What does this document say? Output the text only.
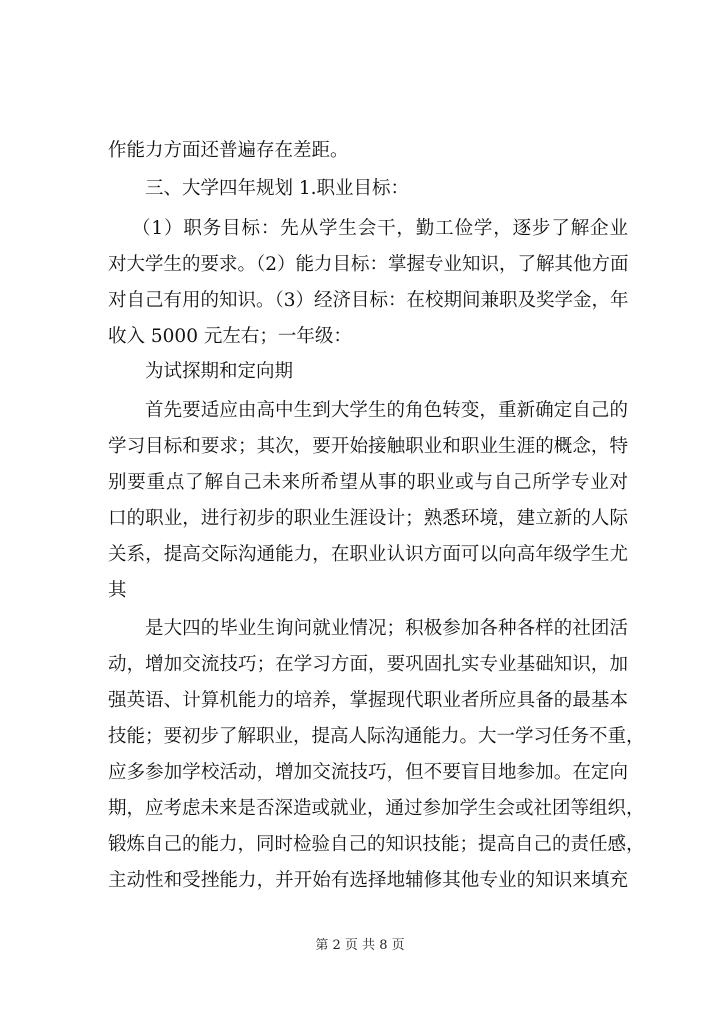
作能力方面还普遍存在差距。
三、大学四年规划 1.职业目标：
（1）职务目标：先从学生会干，勤工俭学，逐步了解企业
对大学生的要求。（2）能力目标：掌握专业知识，了解其他方面
对自己有用的知识。（3）经济目标：在校期间兼职及奖学金，年
收入 5000 元左右；一年级：
为试探期和定向期
首先要适应由高中生到大学生的角色转变，重新确定自己的
学习目标和要求；其次，要开始接触职业和职业生涯的概念，特
别要重点了解自己未来所希望从事的职业或与自己所学专业对
口的职业，进行初步的职业生涯设计；熟悉环境，建立新的人际
关系，提高交际沟通能力，在职业认识方面可以向高年级学生尤
其
是大四的毕业生询问就业情况；积极参加各种各样的社团活
动，增加交流技巧；在学习方面，要巩固扎实专业基础知识，加
强英语、计算机能力的培养，掌握现代职业者所应具备的最基本
技能；要初步了解职业，提高人际沟通能力。大一学习任务不重，
应多参加学校活动，增加交流技巧，但不要盲目地参加。在定向
期，应考虑未来是否深造或就业，通过参加学生会或社团等组织，
锻炼自己的能力，同时检验自己的知识技能；提高自己的责任感，
主动性和受挫能力，并开始有选择地辅修其他专业的知识来填充
第 2 页 共 8 页
